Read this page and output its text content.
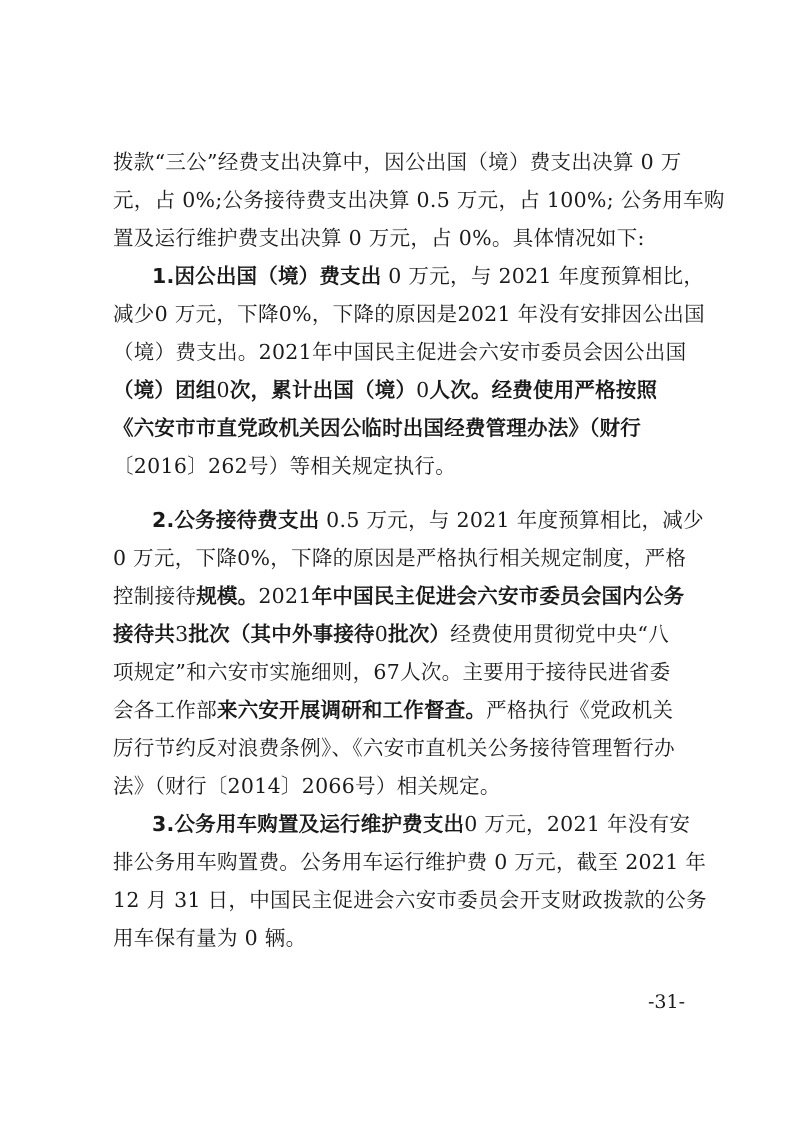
拨款“三公”经费支出决算中，因公出国（境）费支出决算 0 万
元，占 0%;公务接待费支出决算 0.5 万元，占 100%; 公务用车购
置及运行维护费支出决算 0 万元，占 0%。具体情况如下:
1.因公出国（境）费支出 0 万元，与 2021 年度预算相比，
减少0 万元，下降0%，下降的原因是2021 年没有安排因公出国
（境）费支出。2021年中国民主促进会六安市委员会因公出国
（境）团组0次，累计出国（境）0人次。经费使用严格按照
《六安市市直党政机关因公临时出国经费管理办法》（财行
〔2016〕262号）等相关规定执行。
2.公务接待费支出 0.5 万元，与 2021 年度预算相比，减少
0 万元，下降0%，下降的原因是严格执行相关规定制度，严格
控制接待规模。2021年中国民主促进会六安市委员会国内公务
接待共3批次（其中外事接待0批次）经费使用贯彻党中央“八
项规定”和六安市实施细则，67人次。主要用于接待民进省委
会各工作部来六安开展调研和工作督查。严格执行《党政机关
厉行节约反对浪费条例》、《六安市直机关公务接待管理暂行办
法》（财行〔2014〕2066号）相关规定。
3.公务用车购置及运行维护费支出0 万元，2021 年没有安
排公务用车购置费。公务用车运行维护费 0 万元，截至 2021 年
12 月 31 日，中国民主促进会六安市委员会开支财政拨款的公务
用车保有量为 0 辆。
-31-
